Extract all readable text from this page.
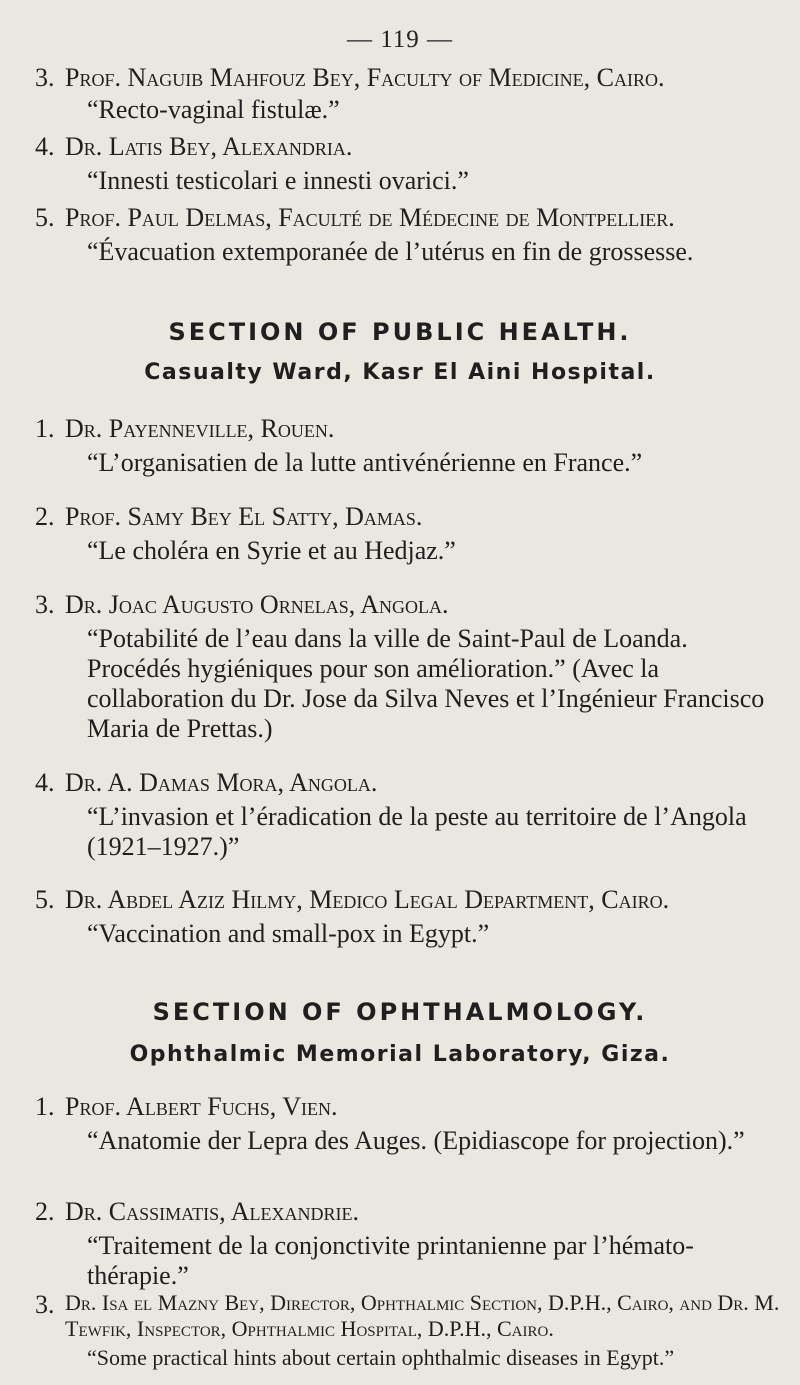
— 119 —
3. Prof. Naguib Mahfouz Bey, Faculty of Medicine, Cairo.
“Recto-vaginal fistulæ.”
4. Dr. Latis Bey, Alexandria.
“Innesti testicolari e innesti ovarici.”
5. Prof. Paul Delmas, Faculté de Médecine de Montpellier.
“Évacuation extemporanée de l’utérus en fin de grossesse.
SECTION OF PUBLIC HEALTH.
Casualty Ward, Kasr El Aini Hospital.
1. Dr. Payenneville, Rouen.
“L’organisatien de la lutte antivénérienne en France.”
2. Prof. Samy Bey El Satty, Damas.
“Le choléra en Syrie et au Hedjaz.”
3. Dr. Joac Augusto Ornelas, Angola.
“Potabilité de l’eau dans la ville de Saint-Paul de Loanda. Procédés hygiéniques pour son amélioration.” (Avec la collaboration du Dr. Jose da Silva Neves et l’Ingénieur Francisco Maria de Prettas.)
4. Dr. A. Damas Mora, Angola.
“L’invasion et l’éradication de la peste au territoire de l’Angola (1921–1927.)”
5. Dr. Abdel Aziz Hilmy, Medico Legal Department, Cairo.
“Vaccination and small-pox in Egypt.”
SECTION OF OPHTHALMOLOGY.
Ophthalmic Memorial Laboratory, Giza.
1. Prof. Albert Fuchs, Vien.
“Anatomie der Lepra des Auges. (Epidiascope for projection).”
2. Dr. Cassimatis, Alexandrie.
“Traitement de la conjonctivite printanienne par l’hémato-thérapie.”
3. Dr. Isa el Mazny Bey, Director, Ophthalmic Section, D.P.H., Cairo, and Dr. M. Tewfik, Inspector, Ophthalmic Hospital, D.P.H., Cairo.
“Some practical hints about certain ophthalmic diseases in Egypt.”
